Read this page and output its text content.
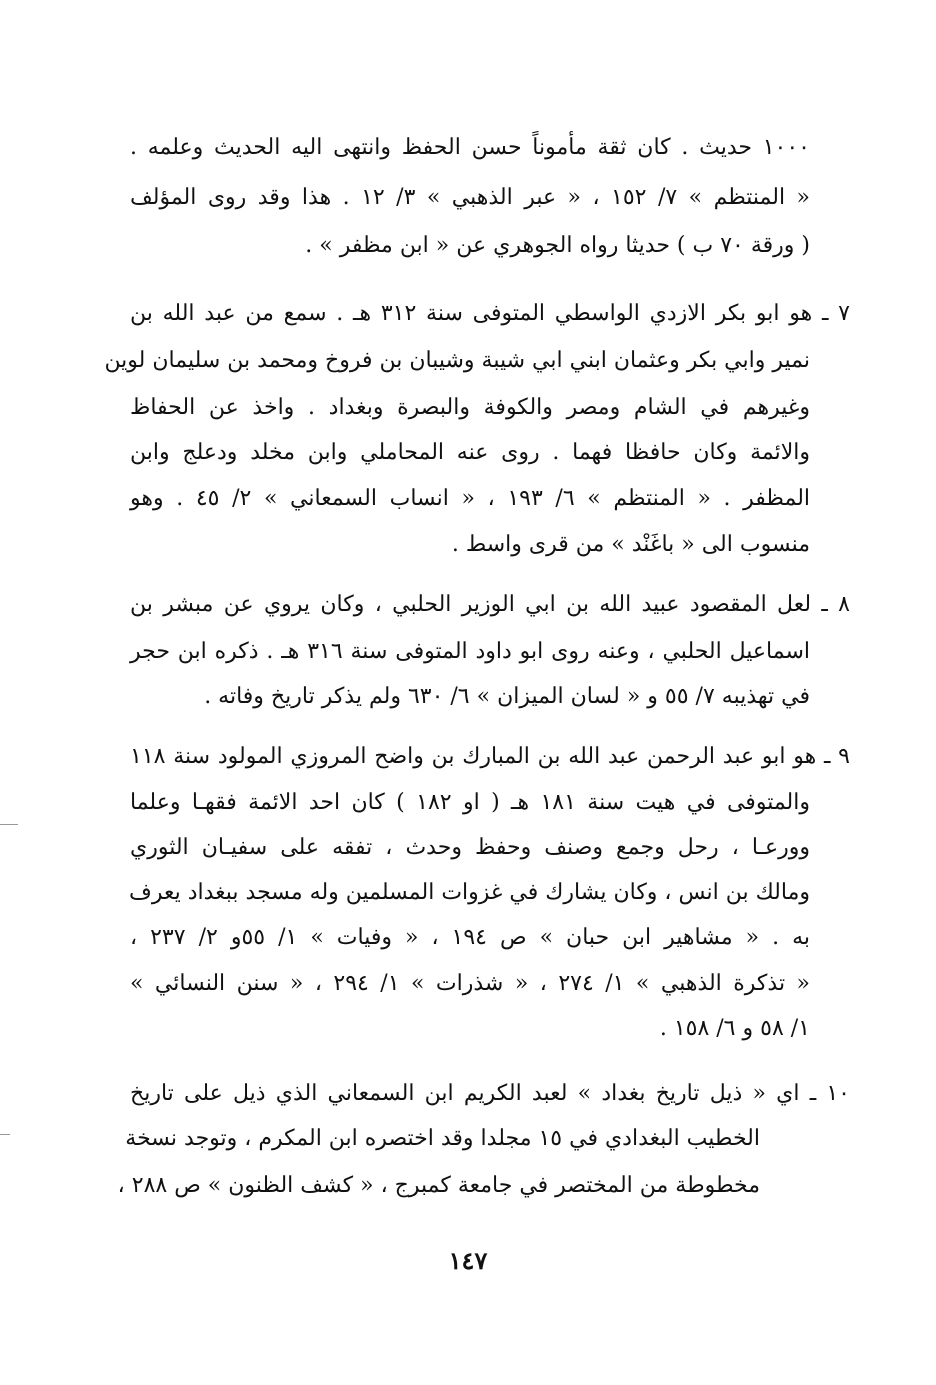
١٠٠٠ حديث . كان ثقة مأموناً حسن الحفظ وانتهى اليه الحديث وعلمه .
« المنتظم » ٧/ ١٥٢ ، « عبر الذهبي » ٣/ ١٢ . هذا وقد روى المؤلف
( ورقة ٧٠ ب ) حديثا رواه الجوهري عن « ابن مظفر » .
٧ ـ هو ابو بكر الازدي الواسطي المتوفى سنة ٣١٢ هـ . سمع من عبد الله بن
نمير وابي بكر وعثمان ابني ابي شيبة وشيبان بن فروخ ومحمد بن سليمان لوين
وغيرهم في الشام ومصر والكوفة والبصرة وبغداد . واخذ عن الحفاظ
والائمة وكان حافظا فهما . روى عنه المحاملي وابن مخلد ودعلج وابن
المظفر . « المنتظم » ٦/ ١٩٣ ، « انساب السمعاني » ٢/ ٤٥ . وهو
منسوب الى « باغَنْد » من قرى واسط .
٨ ـ لعل المقصود عبيد الله بن ابي الوزير الحلبي ، وكان يروي عن مبشر بن
اسماعيل الحلبي ، وعنه روى ابو داود المتوفى سنة ٣١٦ هـ . ذكره ابن حجر
في تهذيبه ٧/ ٥٥ و « لسان الميزان » ٦/ ٦٣٠ ولم يذكر تاريخ وفاته .
٩ ـ هو ابو عبد الرحمن عبد الله بن المبارك بن واضح المروزي المولود سنة ١١٨
والمتوفى في هيت سنة ١٨١ هـ ( او ١٨٢ ) كان احد الائمة فقهـا وعلما
وورعـا ، رحل وجمع وصنف وحفظ وحدث ، تفقه على سفيـان الثوري
ومالك بن انس ، وكان يشارك في غزوات المسلمين وله مسجد ببغداد يعرف
به . « مشاهير ابن حبان » ص ١٩٤ ، « وفيات » ١/ ٥٥و ٢/ ٢٣٧ ،
« تذكرة الذهبي » ١/ ٢٧٤ ، « شذرات » ١/ ٢٩٤ ، « سنن النسائي »
١/ ٥٨ و ٦/ ١٥٨ .
١٠ ـ اي « ذيل تاريخ بغداد » لعبد الكريم ابن السمعاني الذي ذيل على تاريخ
الخطيب البغدادي في ١٥ مجلدا وقد اختصره ابن المكرم ، وتوجد نسخة
مخطوطة من المختصر في جامعة كمبرج ، « كشف الظنون » ص ٢٨٨ ،
١٤٧
